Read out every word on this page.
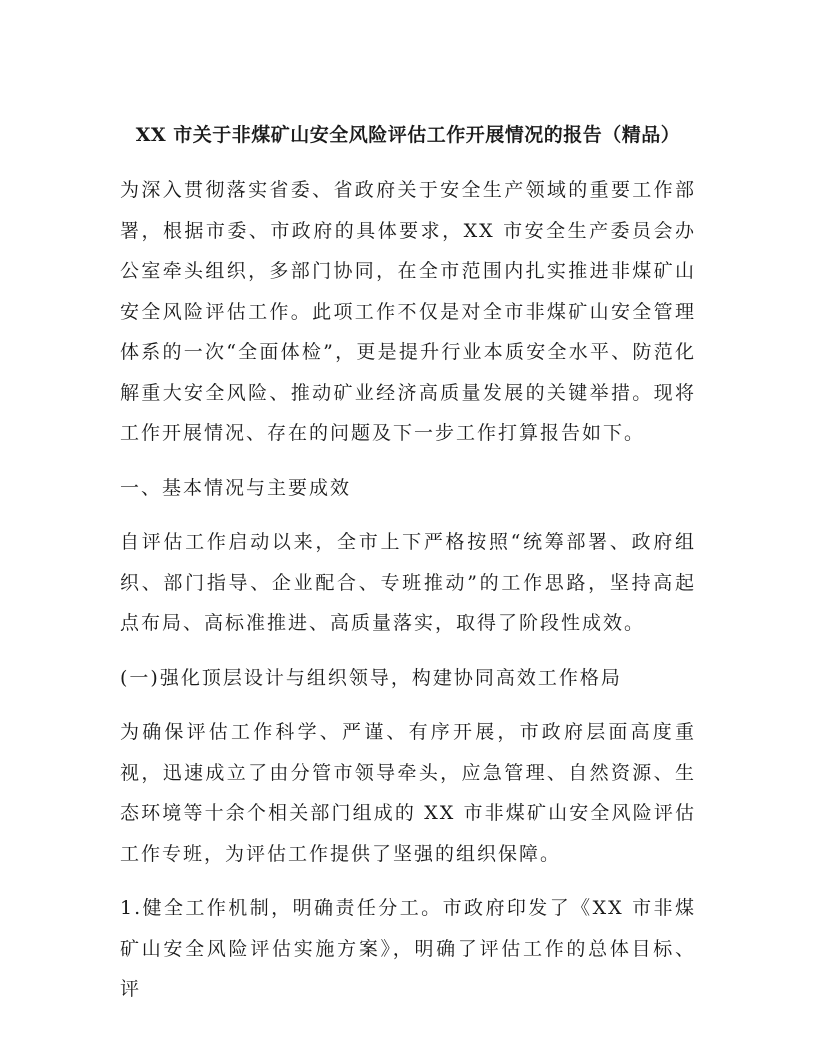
XX 市关于非煤矿山安全风险评估工作开展情况的报告（精品）

为深入贯彻落实省委、省政府关于安全生产领域的重要工作部署，根据市委、市政府的具体要求，XX 市安全生产委员会办公室牵头组织，多部门协同，在全市范围内扎实推进非煤矿山安全风险评估工作。此项工作不仅是对全市非煤矿山安全管理体系的一次“全面体检”，更是提升行业本质安全水平、防范化解重大安全风险、推动矿业经济高质量发展的关键举措。现将工作开展情况、存在的问题及下一步工作打算报告如下。

一、基本情况与主要成效

自评估工作启动以来，全市上下严格按照“统筹部署、政府组织、部门指导、企业配合、专班推动”的工作思路，坚持高起点布局、高标准推进、高质量落实，取得了阶段性成效。

(一)强化顶层设计与组织领导，构建协同高效工作格局

为确保评估工作科学、严谨、有序开展，市政府层面高度重视，迅速成立了由分管市领导牵头，应急管理、自然资源、生态环境等十余个相关部门组成的 XX 市非煤矿山安全风险评估工作专班，为评估工作提供了坚强的组织保障。

1.健全工作机制，明确责任分工。市政府印发了《XX 市非煤矿山安全风险评估实施方案》，明确了评估工作的总体目标、评
